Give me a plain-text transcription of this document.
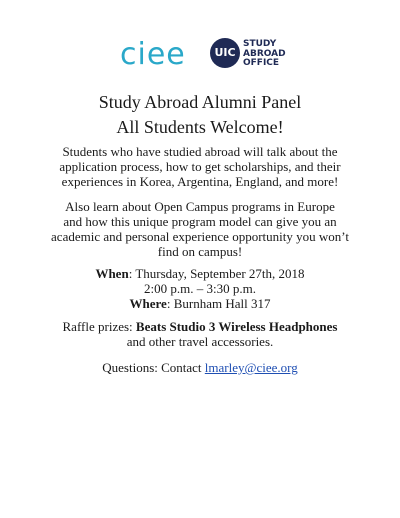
ciee	UIC
STUDY
ABROAD
OFFICE
Study Abroad Alumni Panel
All Students Welcome!
Students who have studied abroad will talk about the
application process, how to get scholarships, and their
experiences in Korea, Argentina, England, and more!
Also learn about Open Campus programs in Europe
and how this unique program model can give you an
academic and personal experience opportunity you won’t
find on campus!
When: Thursday, September 27th, 2018
2:00 p.m. – 3:30 p.m.
Where: Burnham Hall 317
Raffle prizes: Beats Studio 3 Wireless Headphones
and other travel accessories.
Questions: Contact lmarley@ciee.org
